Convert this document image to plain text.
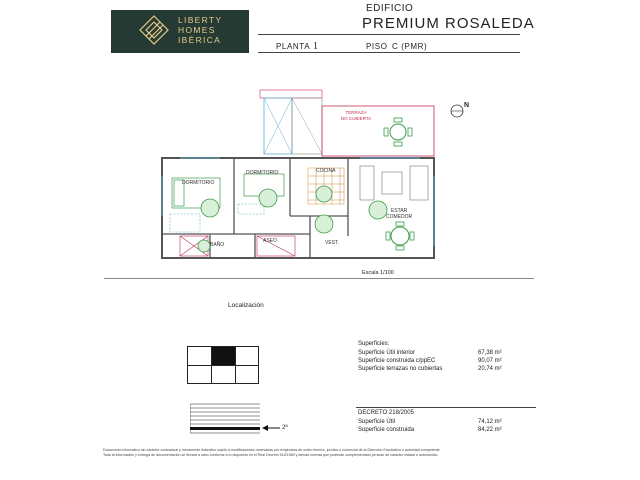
LIBERTY
HOMES
IBÉRICA
EDIFICIO
PREMIUM ROSALEDA
PLANTA 1	PISO C (PMR)
N
TERRAZA
NO CUBIERTA
DORMITORIO
DORMITORIO	COCINA
ESTAR
COMEDOR
BAÑO
ASEO	VEST.
Escala 1/100
Localización
2ª
Superficies:
Superficie Útil interior	67,38 m²
Superficie construida c/ppEC	90,07 m²
Superficie terrazas no cubiertas	20,74 m²
DECRETO 218/2005
Superficie Útil	74,12 m²
Superficie construida	84,22 m²
Documento informativo sin carácter contractual y meramente ilustrativo sujeto a modificaciones necesarias por exigencias de orden técnico, jurídico o comercial de la Dirección Facultativa o autoridad competente.
Toda la información y entrega de documentación se llevará a cabo conforme a lo dispuesto en el Real Decreto 515/1989 y demás normas que pudieran complementarlo ya sean de carácter estatal o autonómico.
